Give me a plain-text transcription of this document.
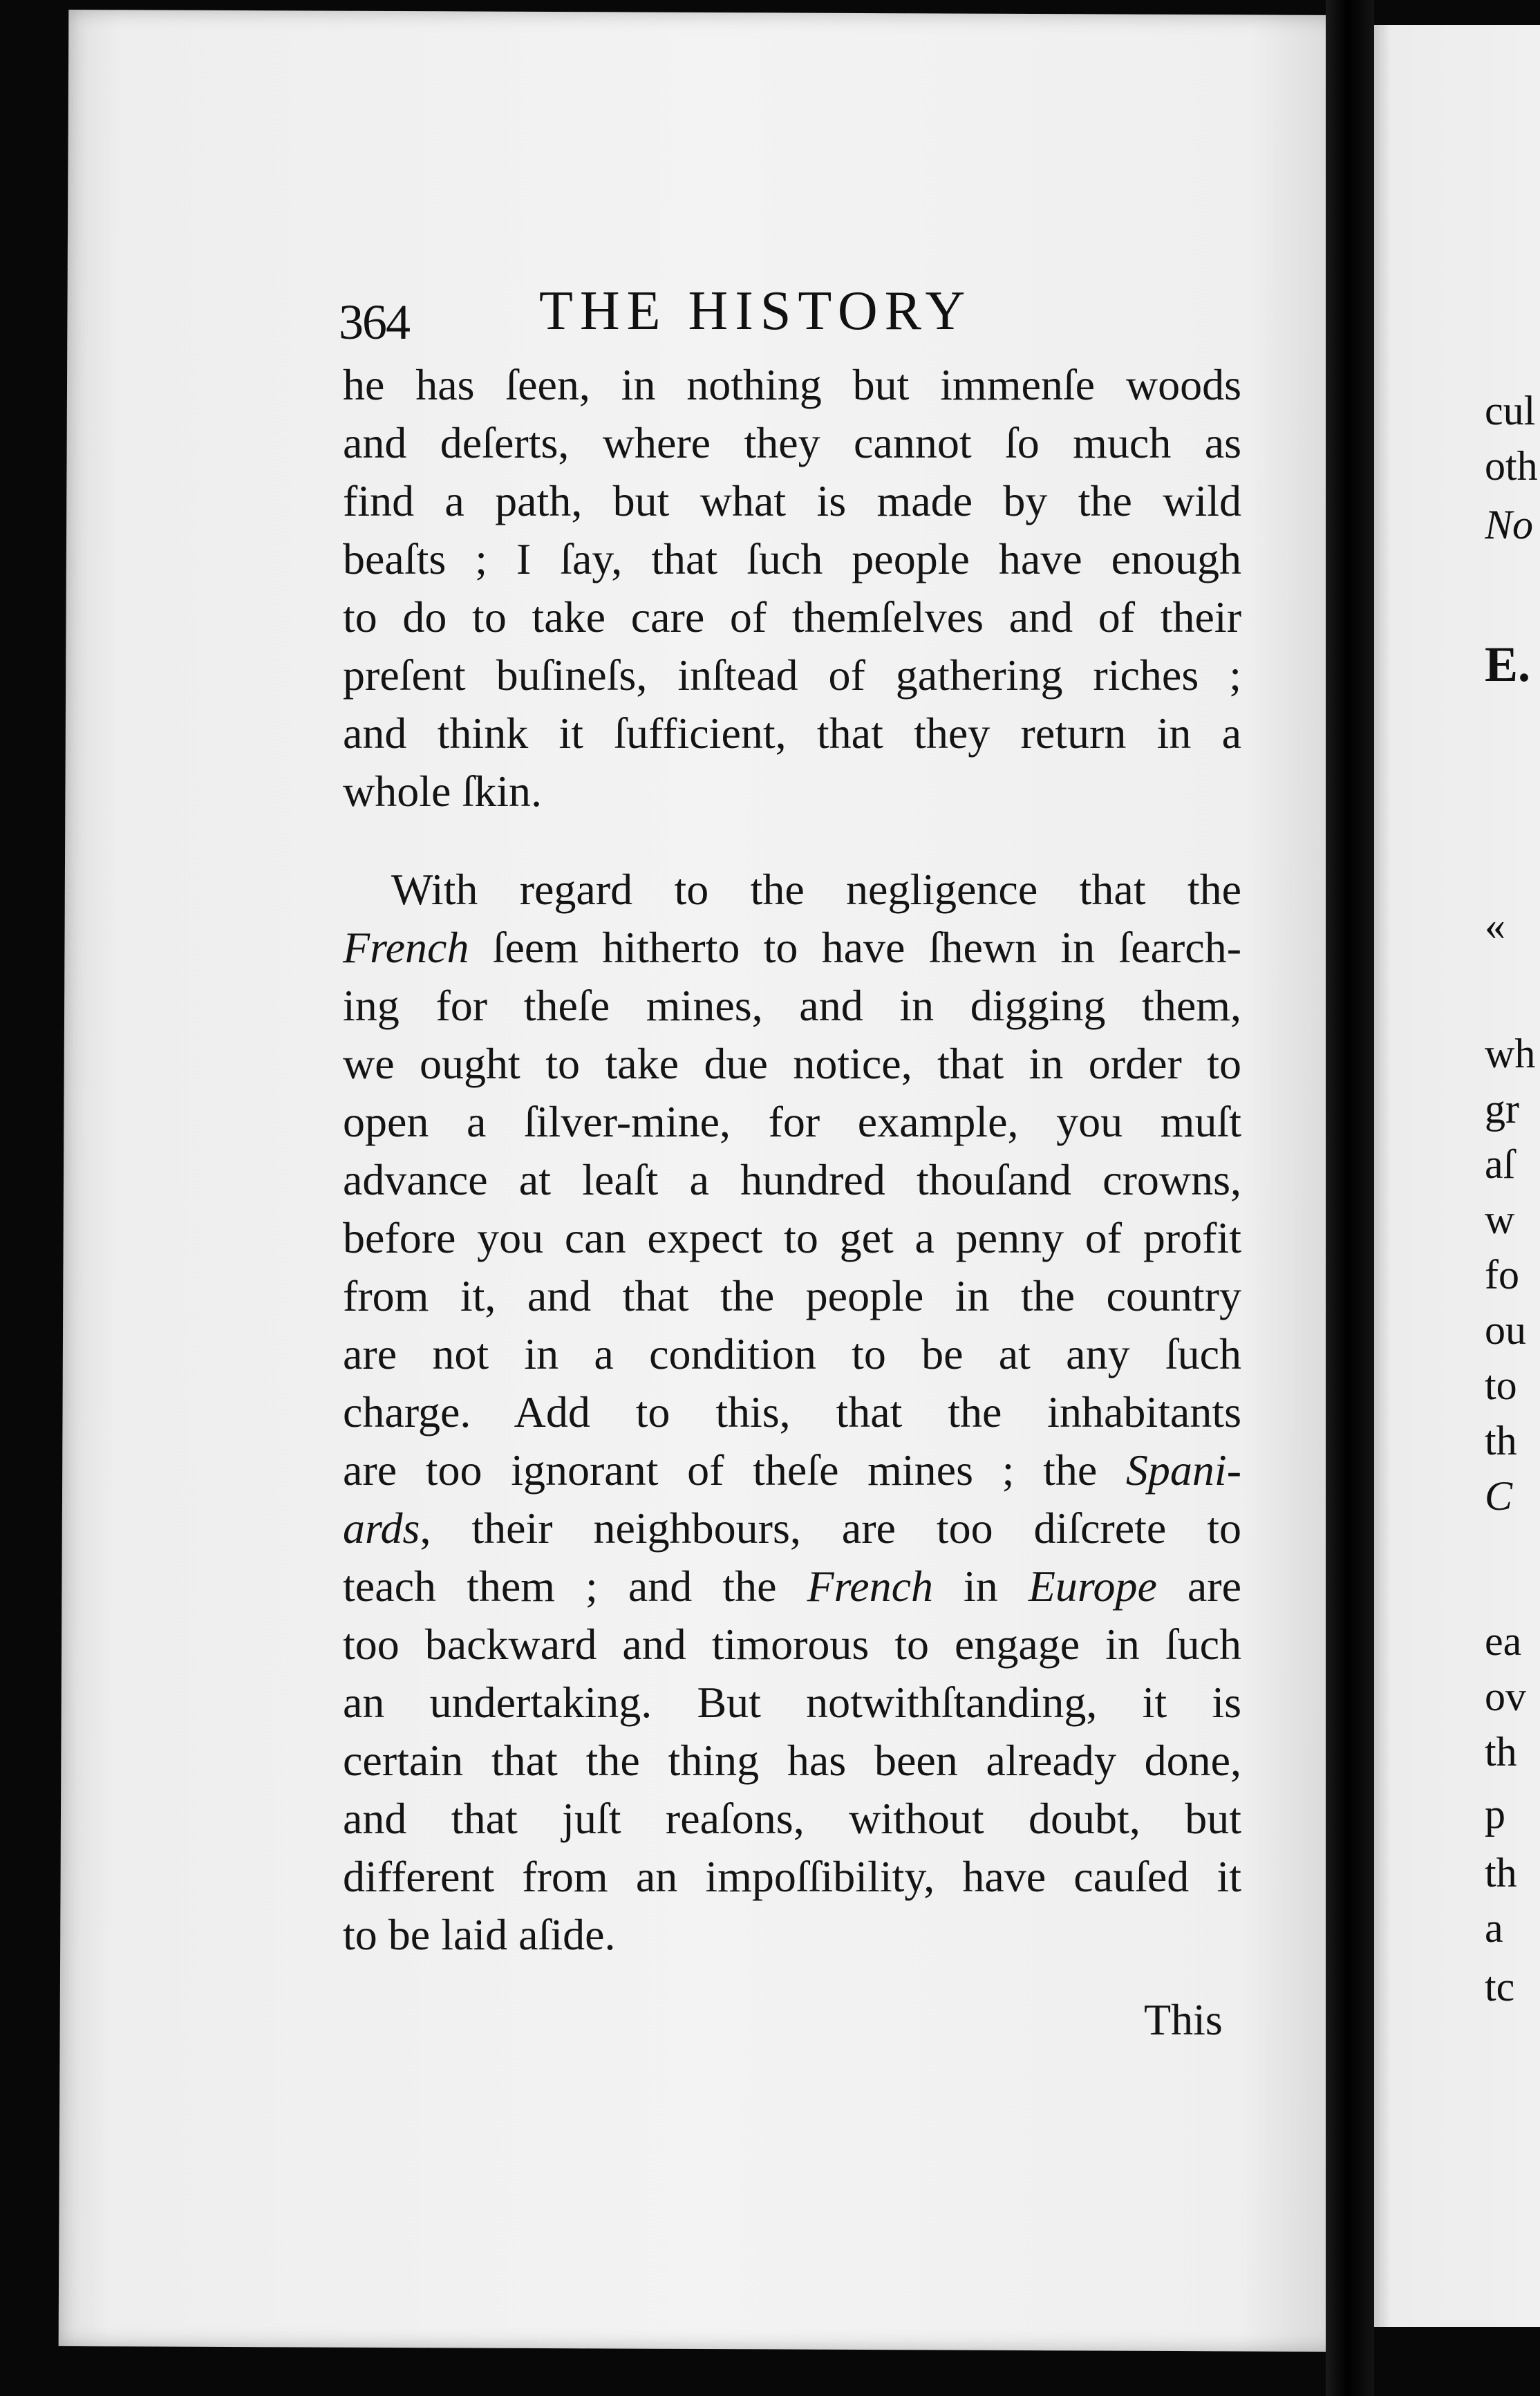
364 THE HISTORY
he has ſeen, in nothing but immenſe woods
and deſerts, where they cannot ſo much as
find a path, but what is made by the wild
beaſts ; I ſay, that ſuch people have enough
to do to take care of themſelves and of their
preſent buſineſs, inſtead of gathering riches ;
and think it ſufficient, that they return in a
whole ſkin.
With regard to the negligence that the
French ſeem hitherto to have ſhewn in ſearch-
ing for theſe mines, and in digging them,
we ought to take due notice, that in order to
open a ſilver-mine, for example, you muſt
advance at leaſt a hundred thouſand crowns,
before you can expect to get a penny of profit
from it, and that the people in the country
are not in a condition to be at any ſuch
charge. Add to this, that the inhabitants
are too ignorant of theſe mines ; the Spani-
ards, their neighbours, are too diſcrete to
teach them ; and the French in Europe are
too backward and timorous to engage in ſuch
an undertaking. But notwithſtanding, it is
certain that the thing has been already done,
and that juſt reaſons, without doubt, but
different from an impoſſibility, have cauſed it
to be laid aſide.
This
cul
oth
No
E.
«
wh
gr
aſ
w
fo
ou
to
th
C
ea
ov
th
p
th
a
tc
